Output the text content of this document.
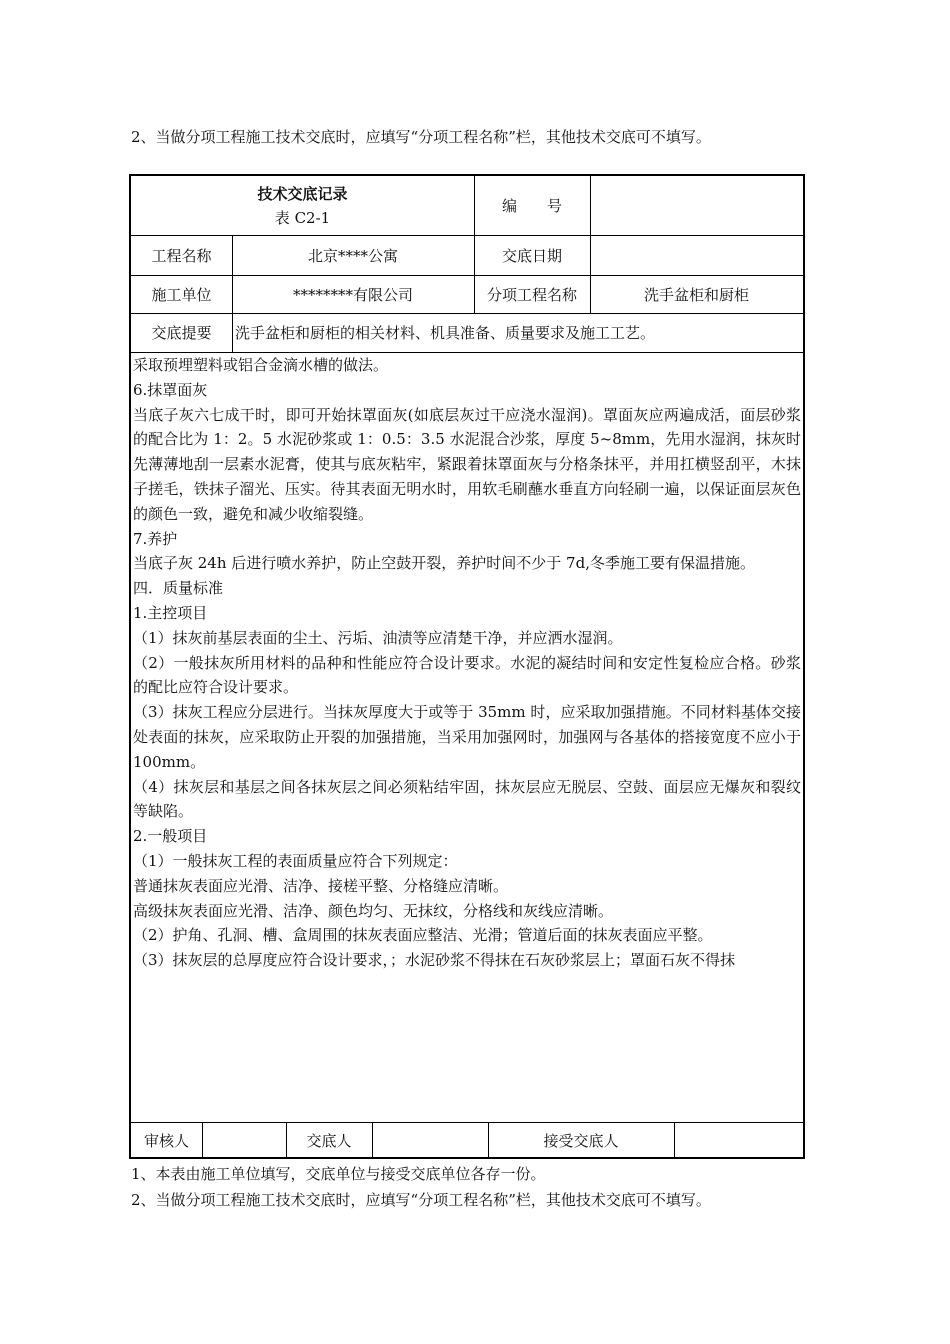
2、当做分项工程施工技术交底时，应填写“分项工程名称”栏，其他技术交底可不填写。
技术交底记录
表 C2-1
编　　号
工程名称	北京****公寓	交底日期
施工单位	********有限公司	分项工程名称	洗手盆柜和厨柜
交底提要	洗手盆柜和厨柜的相关材料、机具准备、质量要求及施工工艺。
采取预埋塑料或铝合金滴水槽的做法。
6.抹罩面灰
当底子灰六七成干时，即可开始抹罩面灰(如底层灰过干应浇水湿润)。罩面灰应两遍成活，面层砂浆的配合比为 1：2。5 水泥砂浆或 1：0.5：3.5 水泥混合沙浆，厚度 5~8mm，先用水湿润，抹灰时先薄薄地刮一层素水泥膏，使其与底灰粘牢，紧跟着抹罩面灰与分格条抹平，并用扛横竖刮平，木抹子搓毛，铁抹子溜光、压实。待其表面无明水时，用软毛刷蘸水垂直方向轻刷一遍，以保证面层灰色的颜色一致，避免和减少收缩裂缝。
7.养护
当底子灰 24h 后进行喷水养护，防止空鼓开裂，养护时间不少于 7d,冬季施工要有保温措施。
四．质量标准
1.主控项目
（1）抹灰前基层表面的尘土、污垢、油渍等应清楚干净，并应洒水湿润。
（2）一般抹灰所用材料的品种和性能应符合设计要求。水泥的凝结时间和安定性复检应合格。砂浆的配比应符合设计要求。
（3）抹灰工程应分层进行。当抹灰厚度大于或等于 35mm 时，应采取加强措施。不同材料基体交接处表面的抹灰，应采取防止开裂的加强措施，当采用加强网时，加强网与各基体的搭接宽度不应小于 100mm。
（4）抹灰层和基层之间各抹灰层之间必须粘结牢固，抹灰层应无脱层、空鼓、面层应无爆灰和裂纹等缺陷。
2.一般项目
（1）一般抹灰工程的表面质量应符合下列规定：
普通抹灰表面应光滑、洁净、接槎平整、分格缝应清晰。
高级抹灰表面应光滑、洁净、颜色均匀、无抹纹，分格线和灰线应清晰。
（2）护角、孔洞、槽、盒周围的抹灰表面应整洁、光滑；管道后面的抹灰表面应平整。
（3）抹灰层的总厚度应符合设计要求，；水泥砂浆不得抹在石灰砂浆层上；罩面石灰不得抹
审核人	交底人	接受交底人
1、本表由施工单位填写，交底单位与接受交底单位各存一份。
2、当做分项工程施工技术交底时，应填写“分项工程名称”栏，其他技术交底可不填写。
